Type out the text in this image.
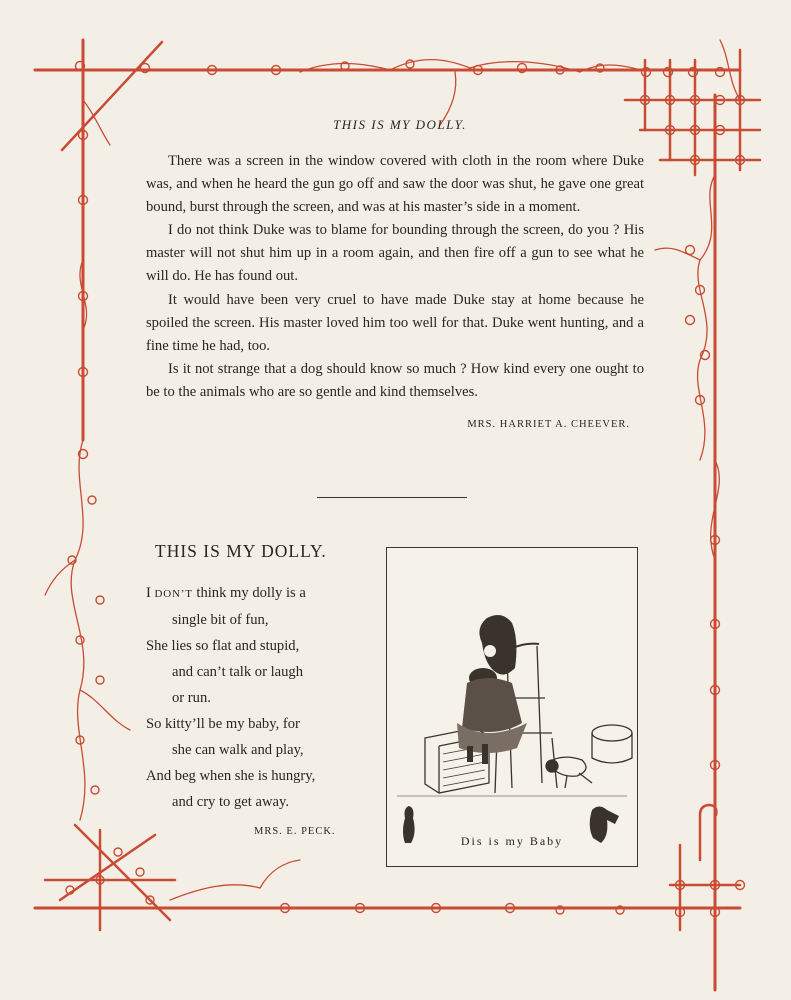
THIS IS MY DOLLY.

There was a screen in the window covered with cloth in the room where Duke was, and when he heard the gun go off and saw the door was shut, he gave one great bound, burst through the screen, and was at his master’s side in a moment.

I do not think Duke was to blame for bounding through the screen, do you ? His master will not shut him up in a room again, and then fire off a gun to see what he will do. He has found out.

It would have been very cruel to have made Duke stay at home because he spoiled the screen. His master loved him too well for that. Duke went hunting, and a fine time he had, too.

Is it not strange that a dog should know so much ? How kind every one ought to be to the animals who are so gentle and kind themselves.

MRS. HARRIET A. CHEEVER.
THIS IS MY DOLLY.
I DON’T think my dolly is a
single bit of fun,
She lies so flat and stupid,
and can’t talk or laugh
or run.
So kitty’ll be my baby, for
she can walk and play,
And beg when she is hungry,
and cry to get away.
MRS. E. PECK.
Dis is my Baby
